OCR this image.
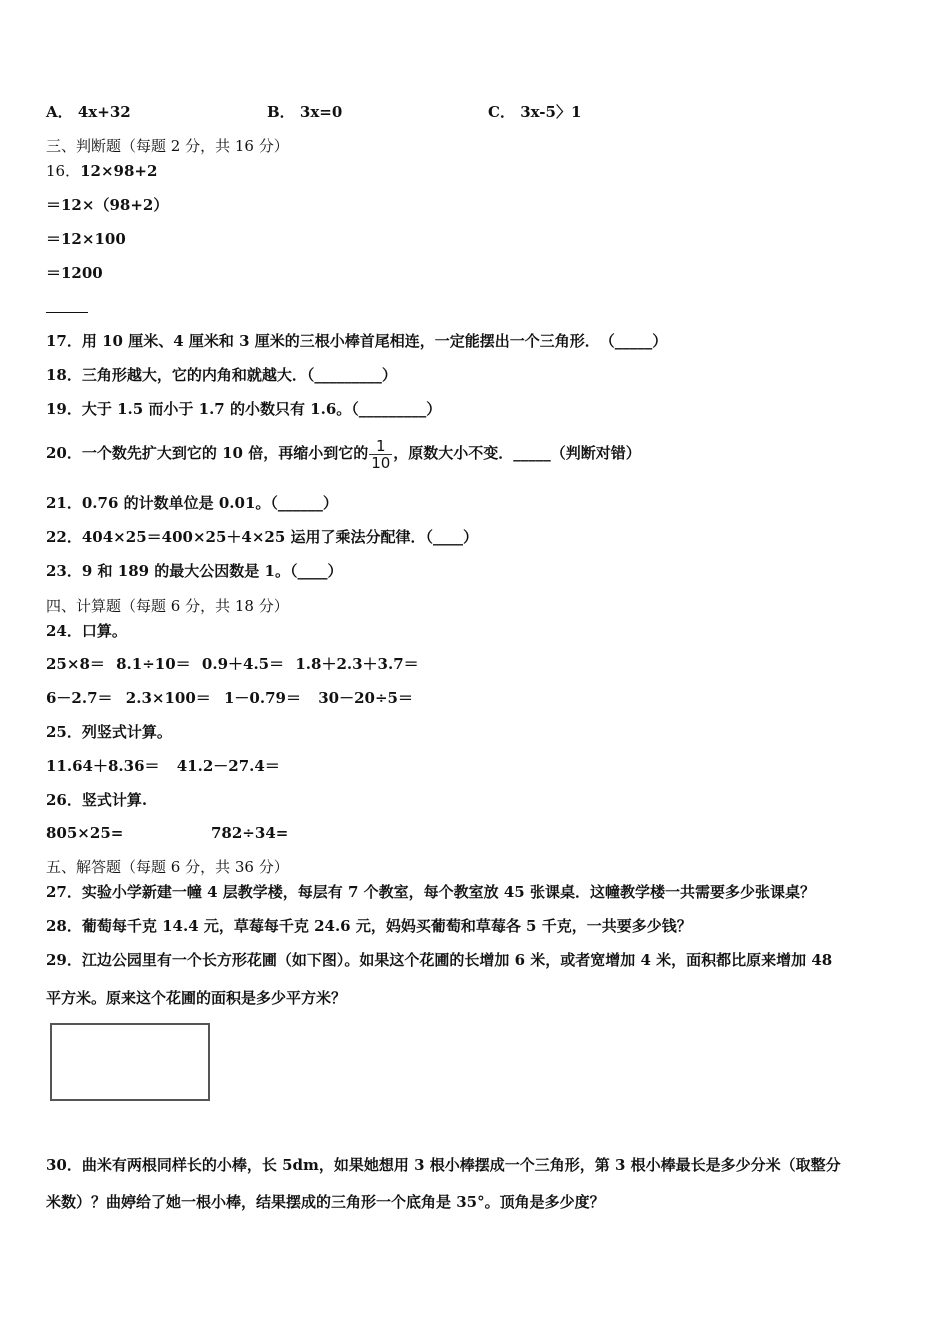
A． 4x+32	B． 3x=0	C． 3x-5〉1
三、判断题（每题 2 分，共 16 分）
16．12×98+2
＝12×（98+2）
＝12×100
＝1200
17．用 10 厘米、4 厘米和 3 厘米的三根小棒首尾相连，一定能摆出一个三角形．　（_____）
18．三角形越大，它的内角和就越大．（_________）
19．大于 1.5 而小于 1.7 的小数只有 1.6。（_________）
20．一个数先扩大到它的 10 倍，再缩小到它的 $\frac{1}{10}$ ，原数大小不变．_____（判断对错）
21．0.76 的计数单位是 0.01。（______）
22．404×25＝400×25＋4×25 运用了乘法分配律．（____）
23．9 和 189 的最大公因数是 1。（____）
四、计算题（每题 6 分，共 18 分）
24．口算。
25×8＝ 8.1÷10＝ 0.9＋4.5＝ 1.8＋2.3＋3.7＝
6－2.7＝ 2.3×100＝ 1－0.79＝ 30－20÷5＝
25．列竖式计算。
11.64＋8.36＝ 41.2－27.4＝
26．竖式计算.
805×25=	782÷34=
五、解答题（每题 6 分，共 36 分）
27．实验小学新建一幢 4 层教学楼，每层有 7 个教室，每个教室放 45 张课桌．这幢教学楼一共需要多少张课桌？
28．葡萄每千克 14.4 元，草莓每千克 24.6 元，妈妈买葡萄和草莓各 5 千克，一共要多少钱？
29．江边公园里有一个长方形花圃（如下图）。如果这个花圃的长增加 6 米，或者宽增加 4 米，面积都比原来增加 48
平方米。原来这个花圃的面积是多少平方米？
30．曲米有两根同样长的小棒，长 5dm，如果她想用 3 根小棒摆成一个三角形，第 3 根小棒最长是多少分米（取整分
米数）？曲婷给了她一根小棒，结果摆成的三角形一个底角是 35°。顶角是多少度？
